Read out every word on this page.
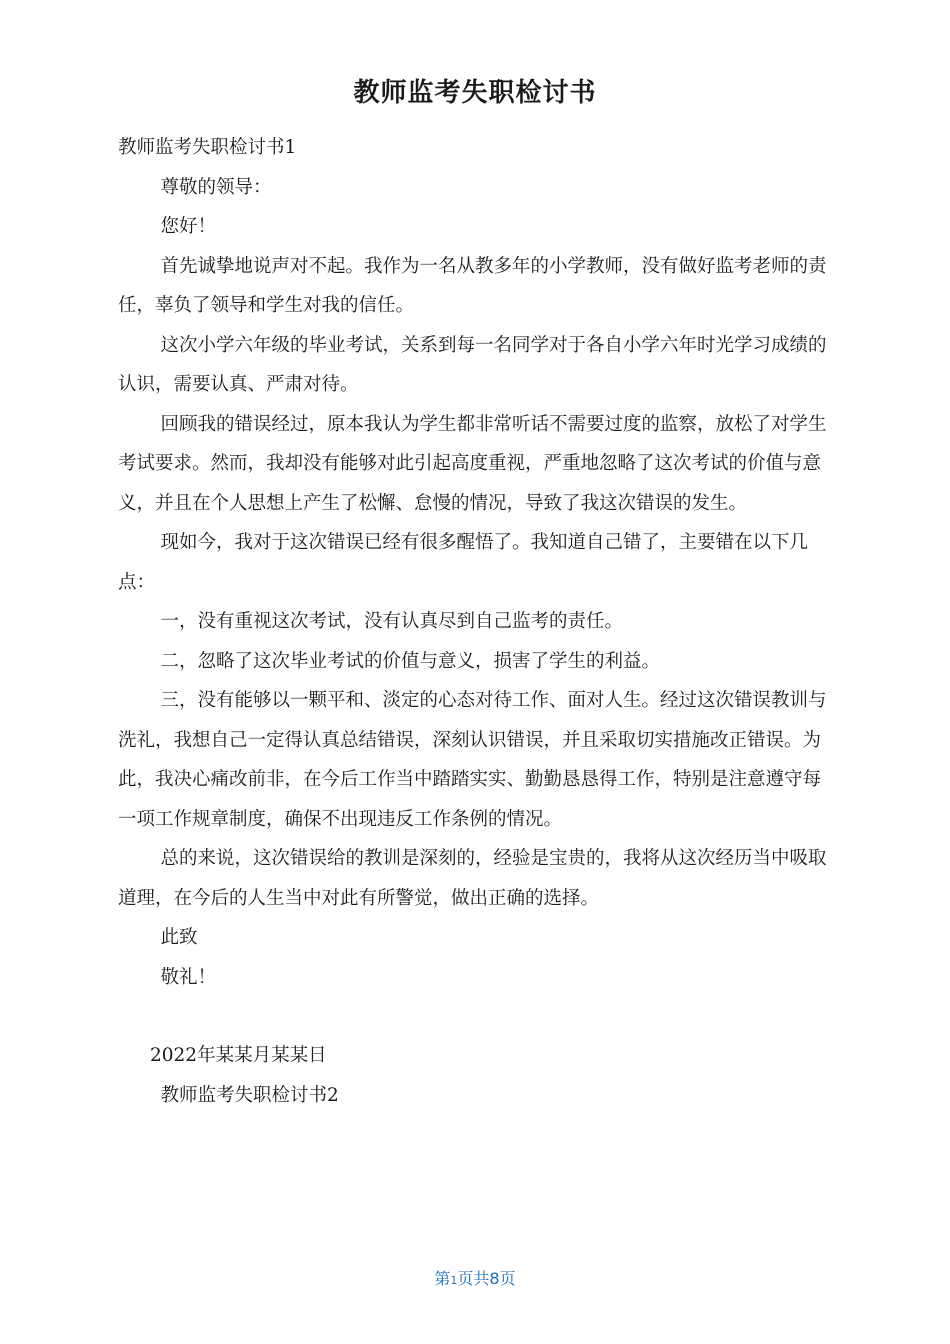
教师监考失职检讨书

教师监考失职检讨书1

尊敬的领导：

您好！

首先诚挚地说声对不起。我作为一名从教多年的小学教师，没有做好监考老师的责任，辜负了领导和学生对我的信任。

这次小学六年级的毕业考试，关系到每一名同学对于各自小学六年时光学习成绩的认识，需要认真、严肃对待。

回顾我的错误经过，原本我认为学生都非常听话不需要过度的监察，放松了对学生考试要求。然而，我却没有能够对此引起高度重视，严重地忽略了这次考试的价值与意义，并且在个人思想上产生了松懈、怠慢的情况，导致了我这次错误的发生。

现如今，我对于这次错误已经有很多醒悟了。我知道自己错了，主要错在以下几点：

一，没有重视这次考试，没有认真尽到自己监考的责任。

二，忽略了这次毕业考试的价值与意义，损害了学生的利益。

三，没有能够以一颗平和、淡定的心态对待工作、面对人生。经过这次错误教训与洗礼，我想自己一定得认真总结错误，深刻认识错误，并且采取切实措施改正错误。为此，我决心痛改前非，在今后工作当中踏踏实实、勤勤恳恳得工作，特别是注意遵守每一项工作规章制度，确保不出现违反工作条例的情况。

总的来说，这次错误给的教训是深刻的，经验是宝贵的，我将从这次经历当中吸取道理，在今后的人生当中对此有所警觉，做出正确的选择。

此致

敬礼！

2022年某某月某某日

教师监考失职检讨书2

第1页共8页
